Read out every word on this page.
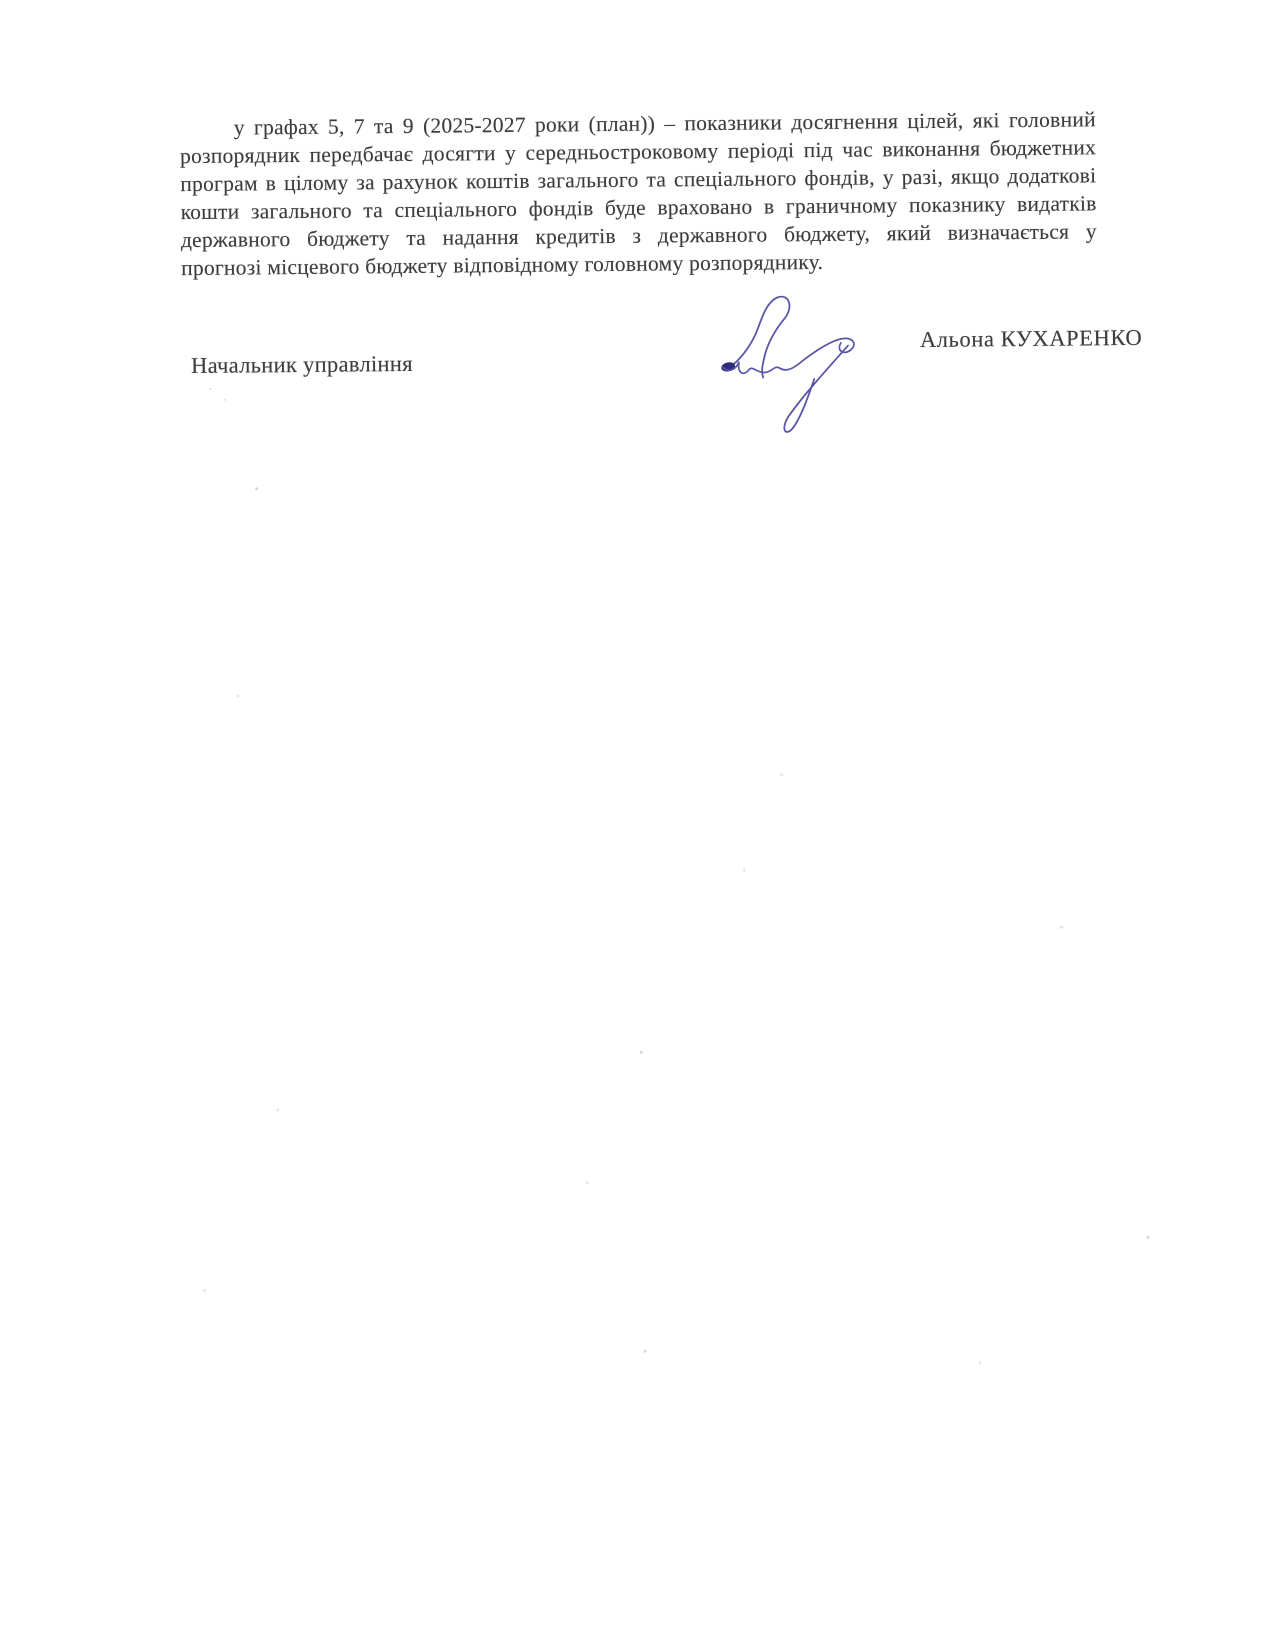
у графах 5, 7 та 9 (2025-2027 роки (план)) – показники досягнення цілей, які головний
розпорядник передбачає досягти у середньостроковому періоді під час виконання бюджетних
програм в цілому за рахунок коштів загального та спеціального фондів, у разі, якщо додаткові
кошти загального та спеціального фондів буде враховано в граничному показнику видатків
державного бюджету та надання кредитів з державного бюджету, який визначається у
прогнозі місцевого бюджету відповідному головному розпоряднику.
Начальник управління
Альона КУХАРЕНКО
